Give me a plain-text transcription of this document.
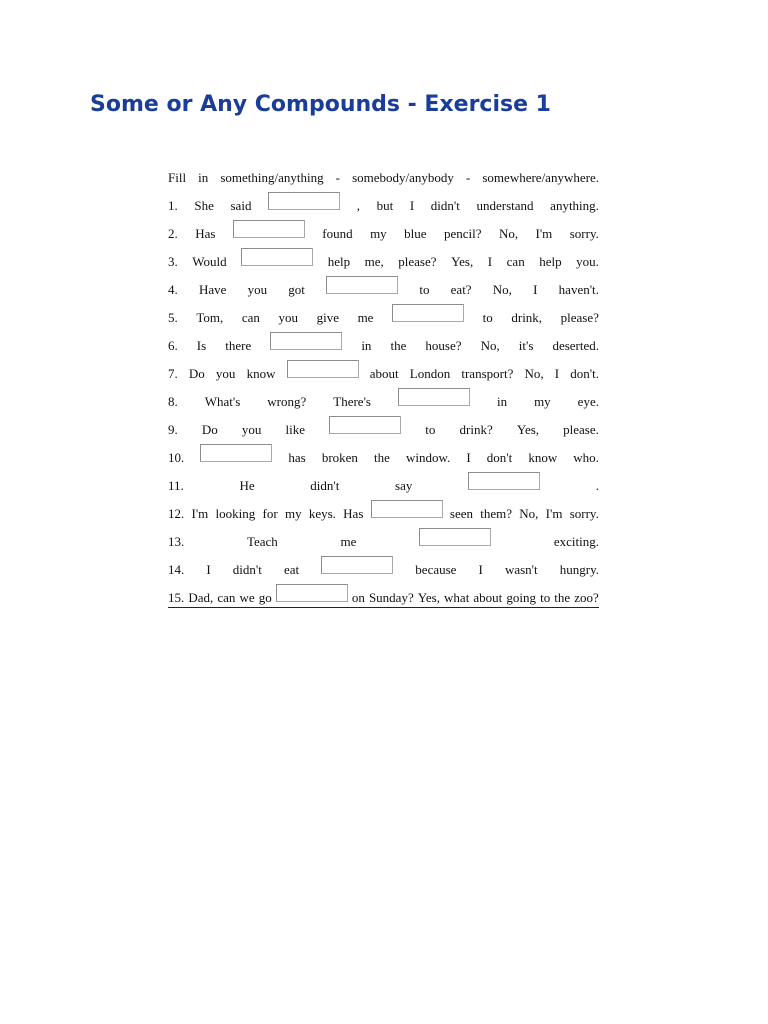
Some or Any Compounds - Exercise 1
Fill in something/anything - somebody/anybody - somewhere/anywhere.
1. She said	, but I didn't understand anything.
2. Has	found my blue pencil? No, I'm sorry.
3. Would	help me, please? Yes, I can help you.
4. Have you got	to eat? No, I haven't.
5. Tom, can you give me	to drink, please?
6. Is there	in the house? No, it's deserted.
7. Do you know	about London transport? No, I don't.
8. What's wrong? There's	in my eye.
9. Do you like	to drink? Yes, please.
10.	has broken the window. I don't know who.
11.	He	didn't	say	.
12. I'm looking for my keys. Has	seen them? No, I'm sorry.
13.	Teach	me	exciting.
14. I didn't eat	because I wasn't hungry.
15. Dad, can we go	on Sunday? Yes, what about going to the zoo?
